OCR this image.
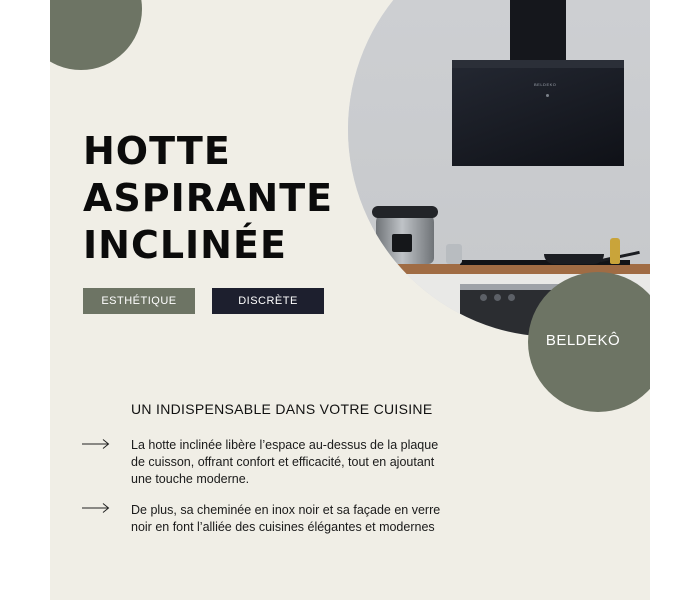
BELDEKO
BELDEKÔ
HOTTE
ASPIRANTE
INCLINÉE
ESTHÉTIQUE	DISCRÈTE
UN INDISPENSABLE DANS VOTRE CUISINE
La hotte inclinée libère l’espace au-dessus de la plaque de cuisson, offrant confort et efficacité, tout en ajoutant une touche moderne.
De plus, sa cheminée en inox noir et sa façade en verre noir en font l’alliée des cuisines élégantes et modernes
